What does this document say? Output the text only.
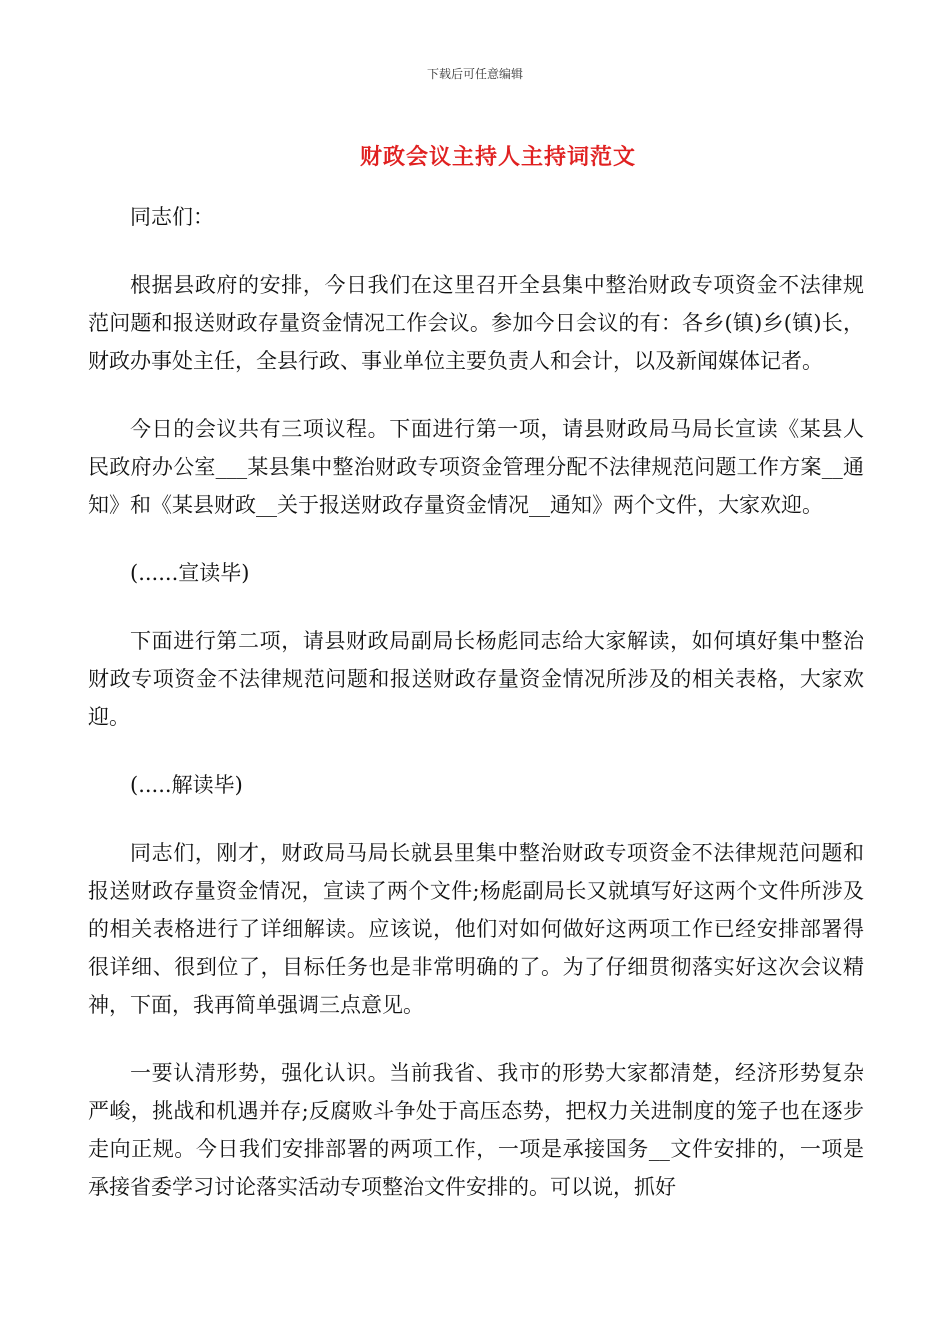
下载后可任意编辑
财政会议主持人主持词范文

同志们：

根据县政府的安排，今日我们在这里召开全县集中整治财政专项资金不法律规范问题和报送财政存量资金情况工作会议。参加今日会议的有：各乡(镇)乡(镇)长，财政办事处主任，全县行政、事业单位主要负责人和会计，以及新闻媒体记者。

今日的会议共有三项议程。下面进行第一项，请县财政局马局长宣读《某县人民政府办公室___某县集中整治财政专项资金管理分配不法律规范问题工作方案__通知》和《某县财政__关于报送财政存量资金情况__通知》两个文件，大家欢迎。

(......宣读毕)

下面进行第二项，请县财政局副局长杨彪同志给大家解读，如何填好集中整治财政专项资金不法律规范问题和报送财政存量资金情况所涉及的相关表格，大家欢迎。

(.....解读毕)

同志们，刚才，财政局马局长就县里集中整治财政专项资金不法律规范问题和报送财政存量资金情况，宣读了两个文件;杨彪副局长又就填写好这两个文件所涉及的相关表格进行了详细解读。应该说，他们对如何做好这两项工作已经安排部署得很详细、很到位了，目标任务也是非常明确的了。为了仔细贯彻落实好这次会议精神，下面，我再简单强调三点意见。

一要认清形势，强化认识。当前我省、我市的形势大家都清楚，经济形势复杂严峻，挑战和机遇并存;反腐败斗争处于高压态势，把权力关进制度的笼子也在逐步走向正规。今日我们安排部署的两项工作，一项是承接国务__文件安排的，一项是承接省委学习讨论落实活动专项整治文件安排的。可以说，抓好
